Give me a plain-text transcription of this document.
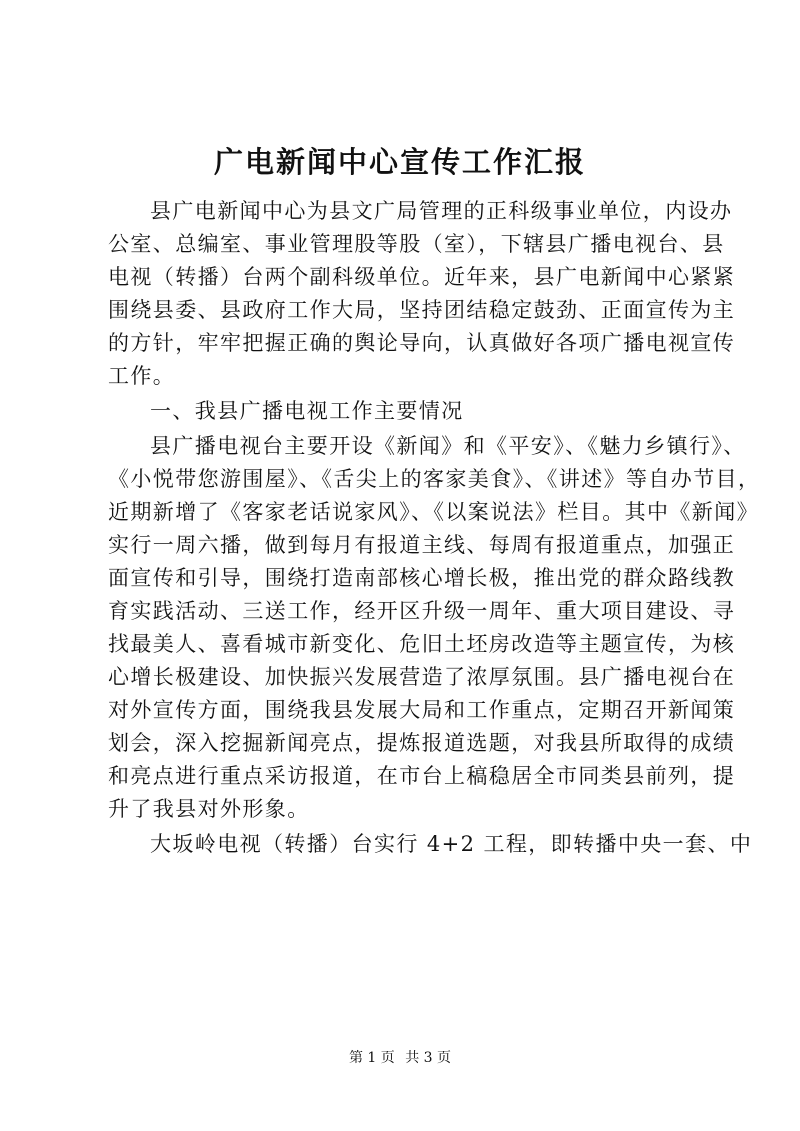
广电新闻中心宣传工作汇报
县广电新闻中心为县文广局管理的正科级事业单位，内设办
公室、总编室、事业管理股等股（室），下辖县广播电视台、县
电视（转播）台两个副科级单位。近年来，县广电新闻中心紧紧
围绕县委、县政府工作大局，坚持团结稳定鼓劲、正面宣传为主
的方针，牢牢把握正确的舆论导向，认真做好各项广播电视宣传
工作。
一、我县广播电视工作主要情况
县广播电视台主要开设《新闻》和《平安》、《魅力乡镇行》、
《小悦带您游围屋》、《舌尖上的客家美食》、《讲述》等自办节目，
近期新增了《客家老话说家风》、《以案说法》栏目。其中《新闻》
实行一周六播，做到每月有报道主线、每周有报道重点，加强正
面宣传和引导，围绕打造南部核心增长极，推出党的群众路线教
育实践活动、三送工作，经开区升级一周年、重大项目建设、寻
找最美人、喜看城市新变化、危旧土坯房改造等主题宣传，为核
心增长极建设、加快振兴发展营造了浓厚氛围。县广播电视台在
对外宣传方面，围绕我县发展大局和工作重点，定期召开新闻策
划会，深入挖掘新闻亮点，提炼报道选题，对我县所取得的成绩
和亮点进行重点采访报道，在市台上稿稳居全市同类县前列，提
升了我县对外形象。
大坂岭电视（转播）台实行 4+2 工程，即转播中央一套、中
第 1 页 共 3 页
